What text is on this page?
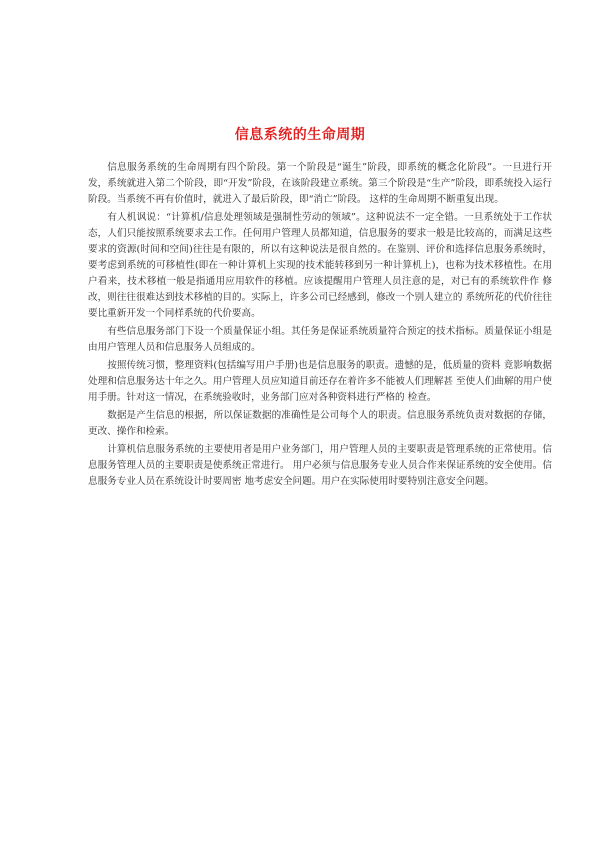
信息系统的生命周期

信息服务系统的生命周期有四个阶段。第一个阶段是“诞生”阶段，即系统的概念化阶段”。一旦进行开发，系统就进入第二个阶段，即“开发”阶段，在该阶段建立系统。第三个阶段是“生产”阶段，即系统投入运行阶段。当系统不再有价值时，就进入了最后阶段，即“消亡”阶段。 这样的生命周期不断重复出现。

有人机讽说：“计算机/信息处理领域是强制性劳动的领域”。这种说法不一定全错。一旦系统处于工作状态，人们只能按照系统要求去工作。任何用户管理人员都知道，信息服务的要求一般是比较高的，而满足这些要求的资源(时间和空间)往往是有限的，所以有这种说法是很自然的。在鉴别、评价和选择信息服务系统时，要考虑到系统的可移植性(即在一种计算机上实现的技术能转移到另一种计算机上)，也称为技术移植性。在用户看来，技术移植一般是指通用应用软件的移植。应该提醒用户管理人员注意的是，对已有的系统软件作 修改，则往往很难达到技术移植的目的。实际上，许多公司已经感到，修改一个别人建立的 系统所花的代价往往要比重新开发一个同样系统的代价要高。

有些信息服务部门下设一个质量保证小组。其任务是保证系统质量符合预定的技术指标。质量保证小组是由用户管理人员和信息服务人员组成的。

按照传统习惯，整理资料(包括编写用户手册)也是信息服务的职责。遗憾的是，低质量的资料 竟影响数据处理和信息服务达十年之久。用户管理人员应知道目前还存在着许多不能被人们理解甚 至使人们曲解的用户使用手册。针对这一情况，在系统验收时，业务部门应对各种资料进行严格的 检查。

数据是产生信息的根据，所以保证数据的准确性是公司每个人的职责。信息服务系统负责对数据的存储，更改、操作和检索。

计算机信息服务系统的主要使用者是用户业务部门，用户管理人员的主要职责是管理系统的正常使用。信息服务管理人员的主要职责是使系统正常进行。 用户必须与信息服务专业人员合作来保证系统的安全使用。信息服务专业人员在系统设计时要周密 地考虑安全问题。用户在实际使用时要特别注意安全问题。
